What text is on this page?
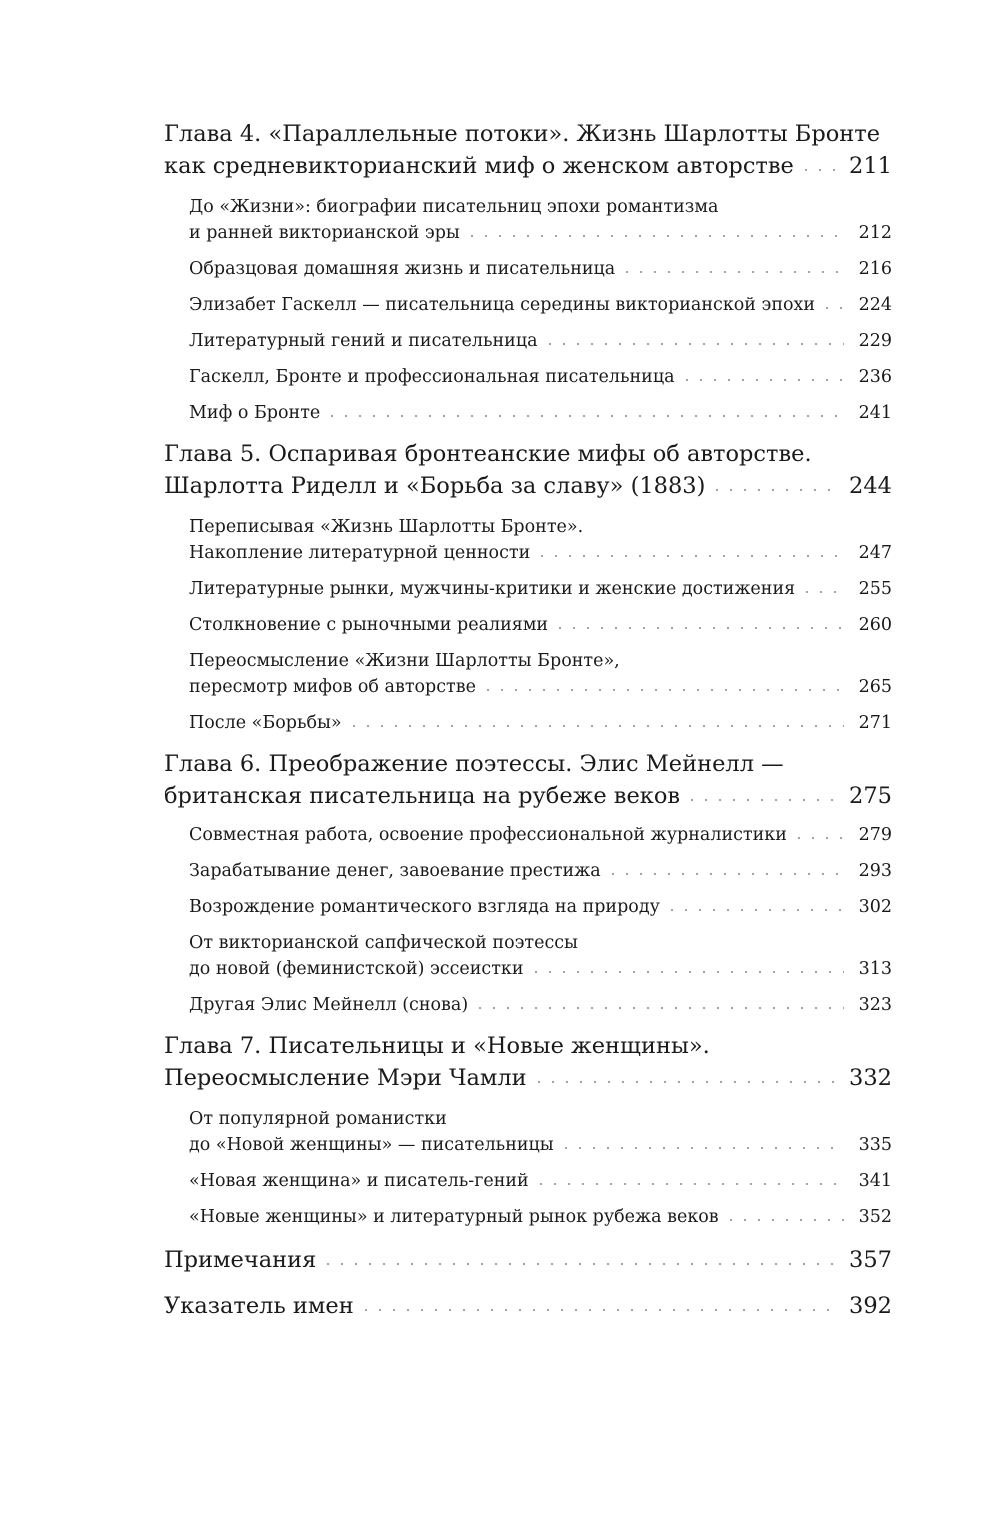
Глава 4. «Параллельные потоки». Жизнь Шарлотты Бронте
как средневикторианский миф о женском авторстве 211
До «Жизни»: биографии писательниц эпохи романтизма
и ранней викторианской эры	212
Образцовая домашняя жизнь и писательница	216
Элизабет Гаскелл — писательница середины викторианской эпохи	224
Литературный гений и писательница	229
Гаскелл, Бронте и профессиональная писательница	236
Миф о Бронте	241
Глава 5. Оспаривая бронтеанские мифы об авторстве.
Шарлотта Риделл и «Борьба за славу» (1883)	244
Переписывая «Жизнь Шарлотты Бронте».
Накопление литературной ценности	247
Литературные рынки, мужчины-критики и женские достижения	255
Столкновение с рыночными реалиями	260
Переосмысление «Жизни Шарлотты Бронте»,
пересмотр мифов об авторстве	265
После «Борьбы»	271
Глава 6. Преображение поэтессы. Элис Мейнелл —
британская писательница на рубеже веков	275
Совместная работа, освоение профессиональной журналистики	279
Зарабатывание денег, завоевание престижа	293
Возрождение романтического взгляда на природу	302
От викторианской сапфической поэтессы
до новой (феминистской) эссеистки	313
Другая Элис Мейнелл (снова)	323
Глава 7. Писательницы и «Новые женщины».
Переосмысление Мэри Чамли	332
От популярной романистки
до «Новой женщины» — писательницы	335
«Новая женщина» и писатель-гений	341
«Новые женщины» и литературный рынок рубежа веков	352
Примечания	357
Указатель имен	392
